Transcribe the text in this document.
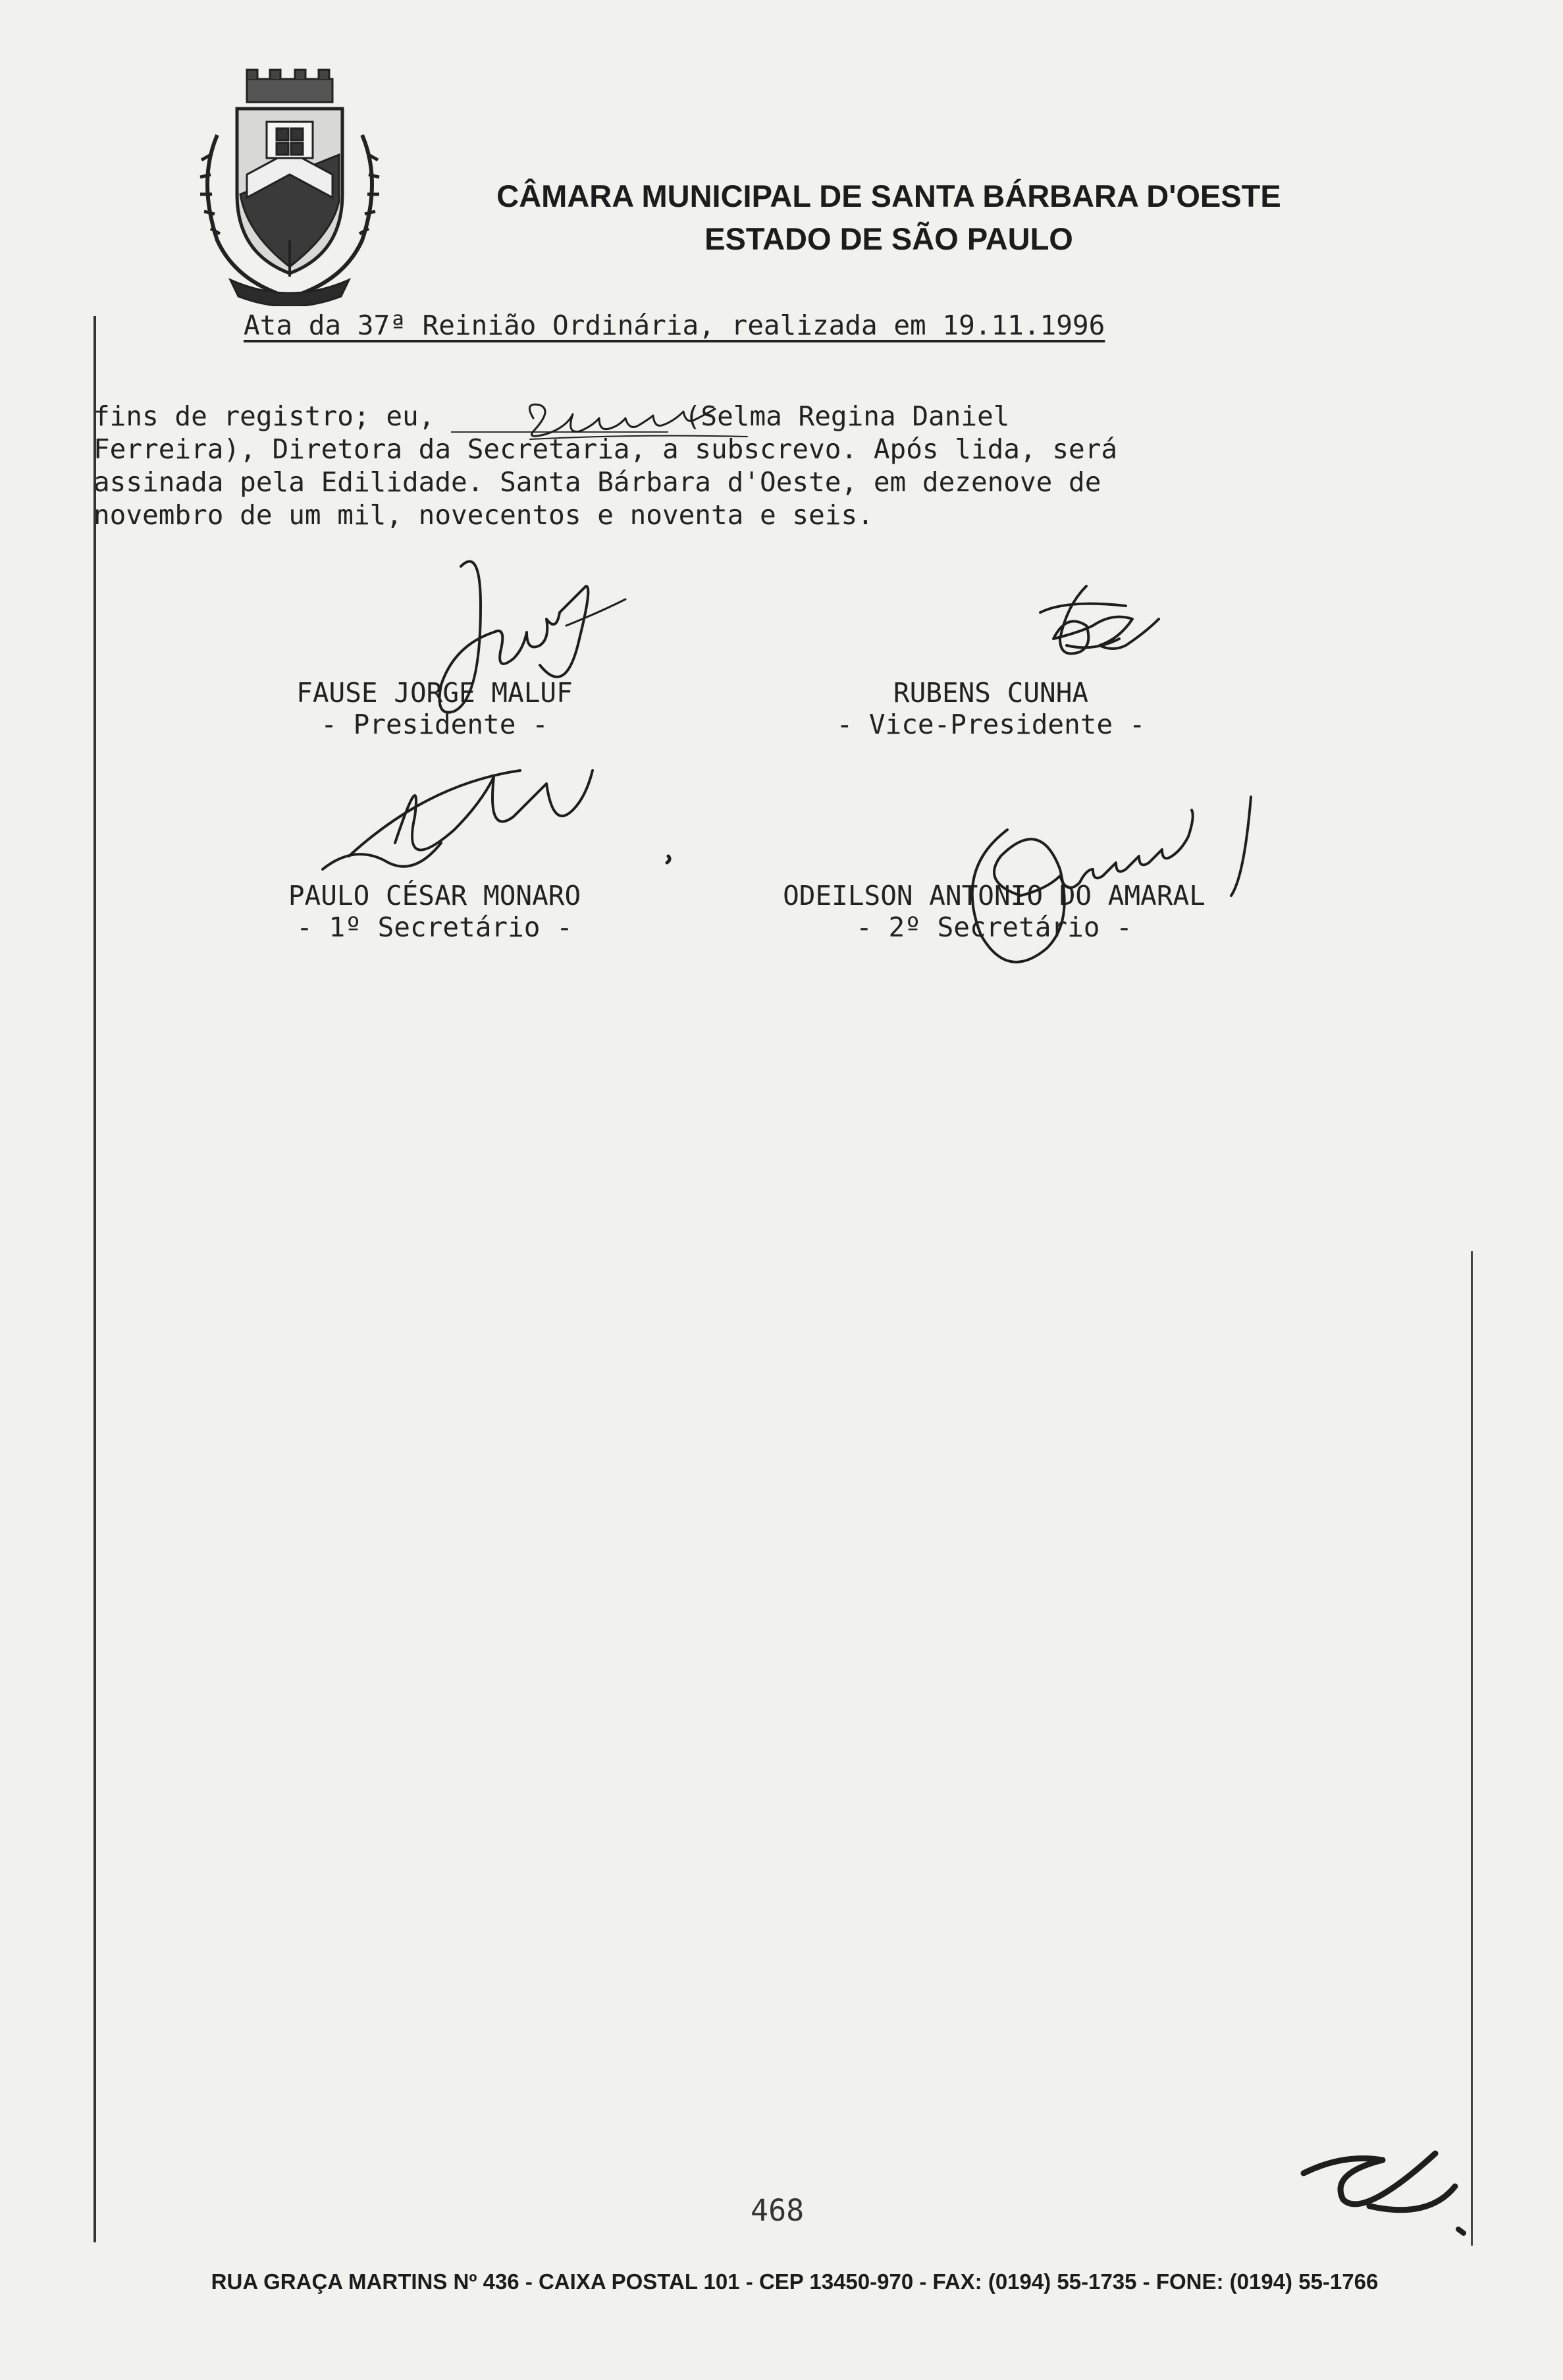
CÂMARA MUNICIPAL DE SANTA BÁRBARA D'OESTE
ESTADO DE SÃO PAULO
Ata da 37ª Reinião Ordinária, realizada em 19.11.1996
fins de registro; eu,	(Selma Regina Daniel
Ferreira), Diretora da Secretaria, a subscrevo. Após lida, será
assinada pela Edilidade. Santa Bárbara d'Oeste, em dezenove de
novembro de um mil, novecentos e noventa e seis.
FAUSE JORGE MALUF
- Presidente -
RUBENS CUNHA
- Vice-Presidente -
PAULO CÉSAR MONARO
- 1º Secretário -
ODEILSON ANTONIO DO AMARAL
- 2º Secretário -
468
RUA GRAÇA MARTINS Nº 436 - CAIXA POSTAL 101 - CEP 13450-970 - FAX: (0194) 55-1735 - FONE: (0194) 55-1766
